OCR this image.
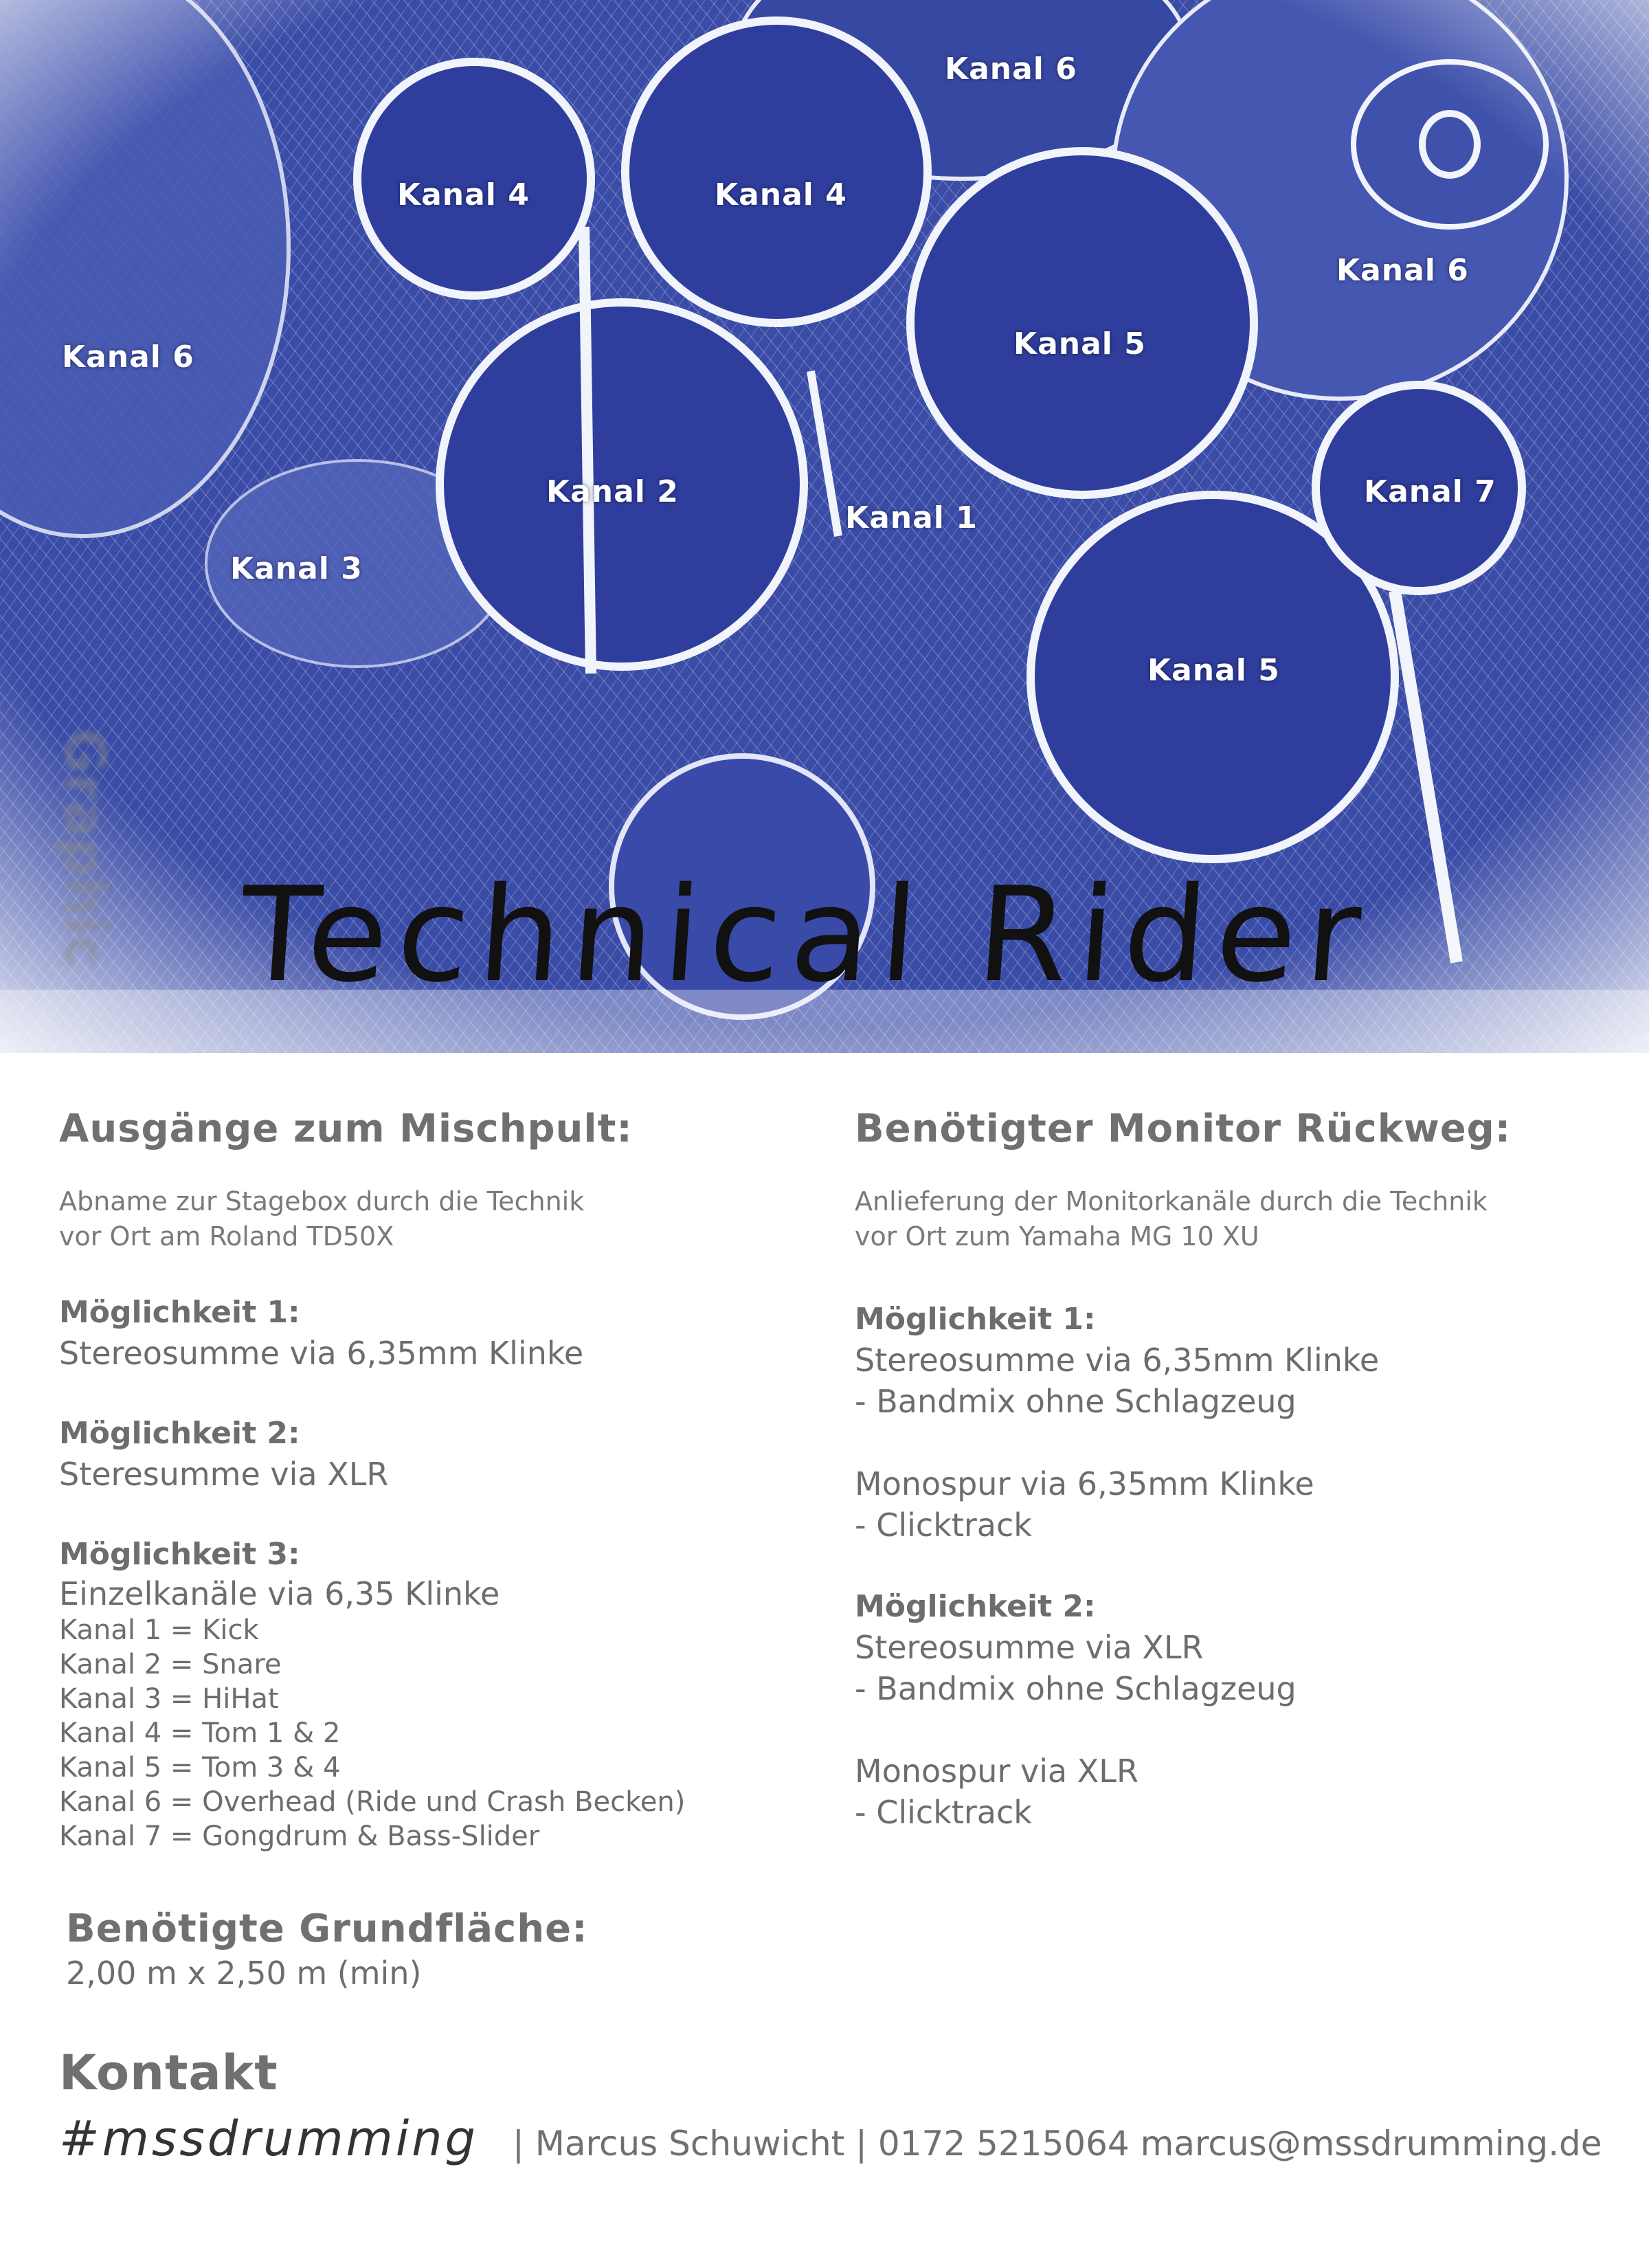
Kanal 6
Kanal 4	Kanal 4
Kanal 6
Kanal 6
Kanal 5
Kanal 2
Kanal 1
Kanal 7
Kanal 3
Kanal 5
Graphic Technical Rider
Ausgänge zum Mischpult:
Abname zur Stagebox durch die Technik
vor Ort am Roland TD50X
Möglichkeit 1:
Stereosumme via 6,35mm Klinke
Möglichkeit 2:
Steresumme via XLR
Möglichkeit 3:
Einzelkanäle via 6,35 Klinke
Kanal 1 = Kick
Kanal 2 = Snare
Kanal 3 = HiHat
Kanal 4 = Tom 1 & 2
Kanal 5 = Tom 3 & 4
Kanal 6 = Overhead (Ride und Crash Becken)
Kanal 7 = Gongdrum & Bass-Slider
Benötigter Monitor Rückweg:
Anlieferung der Monitorkanäle durch die Technik
vor Ort zum Yamaha MG 10 XU
Möglichkeit 1:
Stereosumme via 6,35mm Klinke
- Bandmix ohne Schlagzeug
Monospur via 6,35mm Klinke
- Clicktrack
Möglichkeit 2:
Stereosumme via XLR
- Bandmix ohne Schlagzeug
Monospur via XLR
- Clicktrack
Benötigte Grundfläche:
2,00 m x 2,50 m (min)
Kontakt
#mssdrumming | Marcus Schuwicht | 0172 5215064 marcus@mssdrumming.de
